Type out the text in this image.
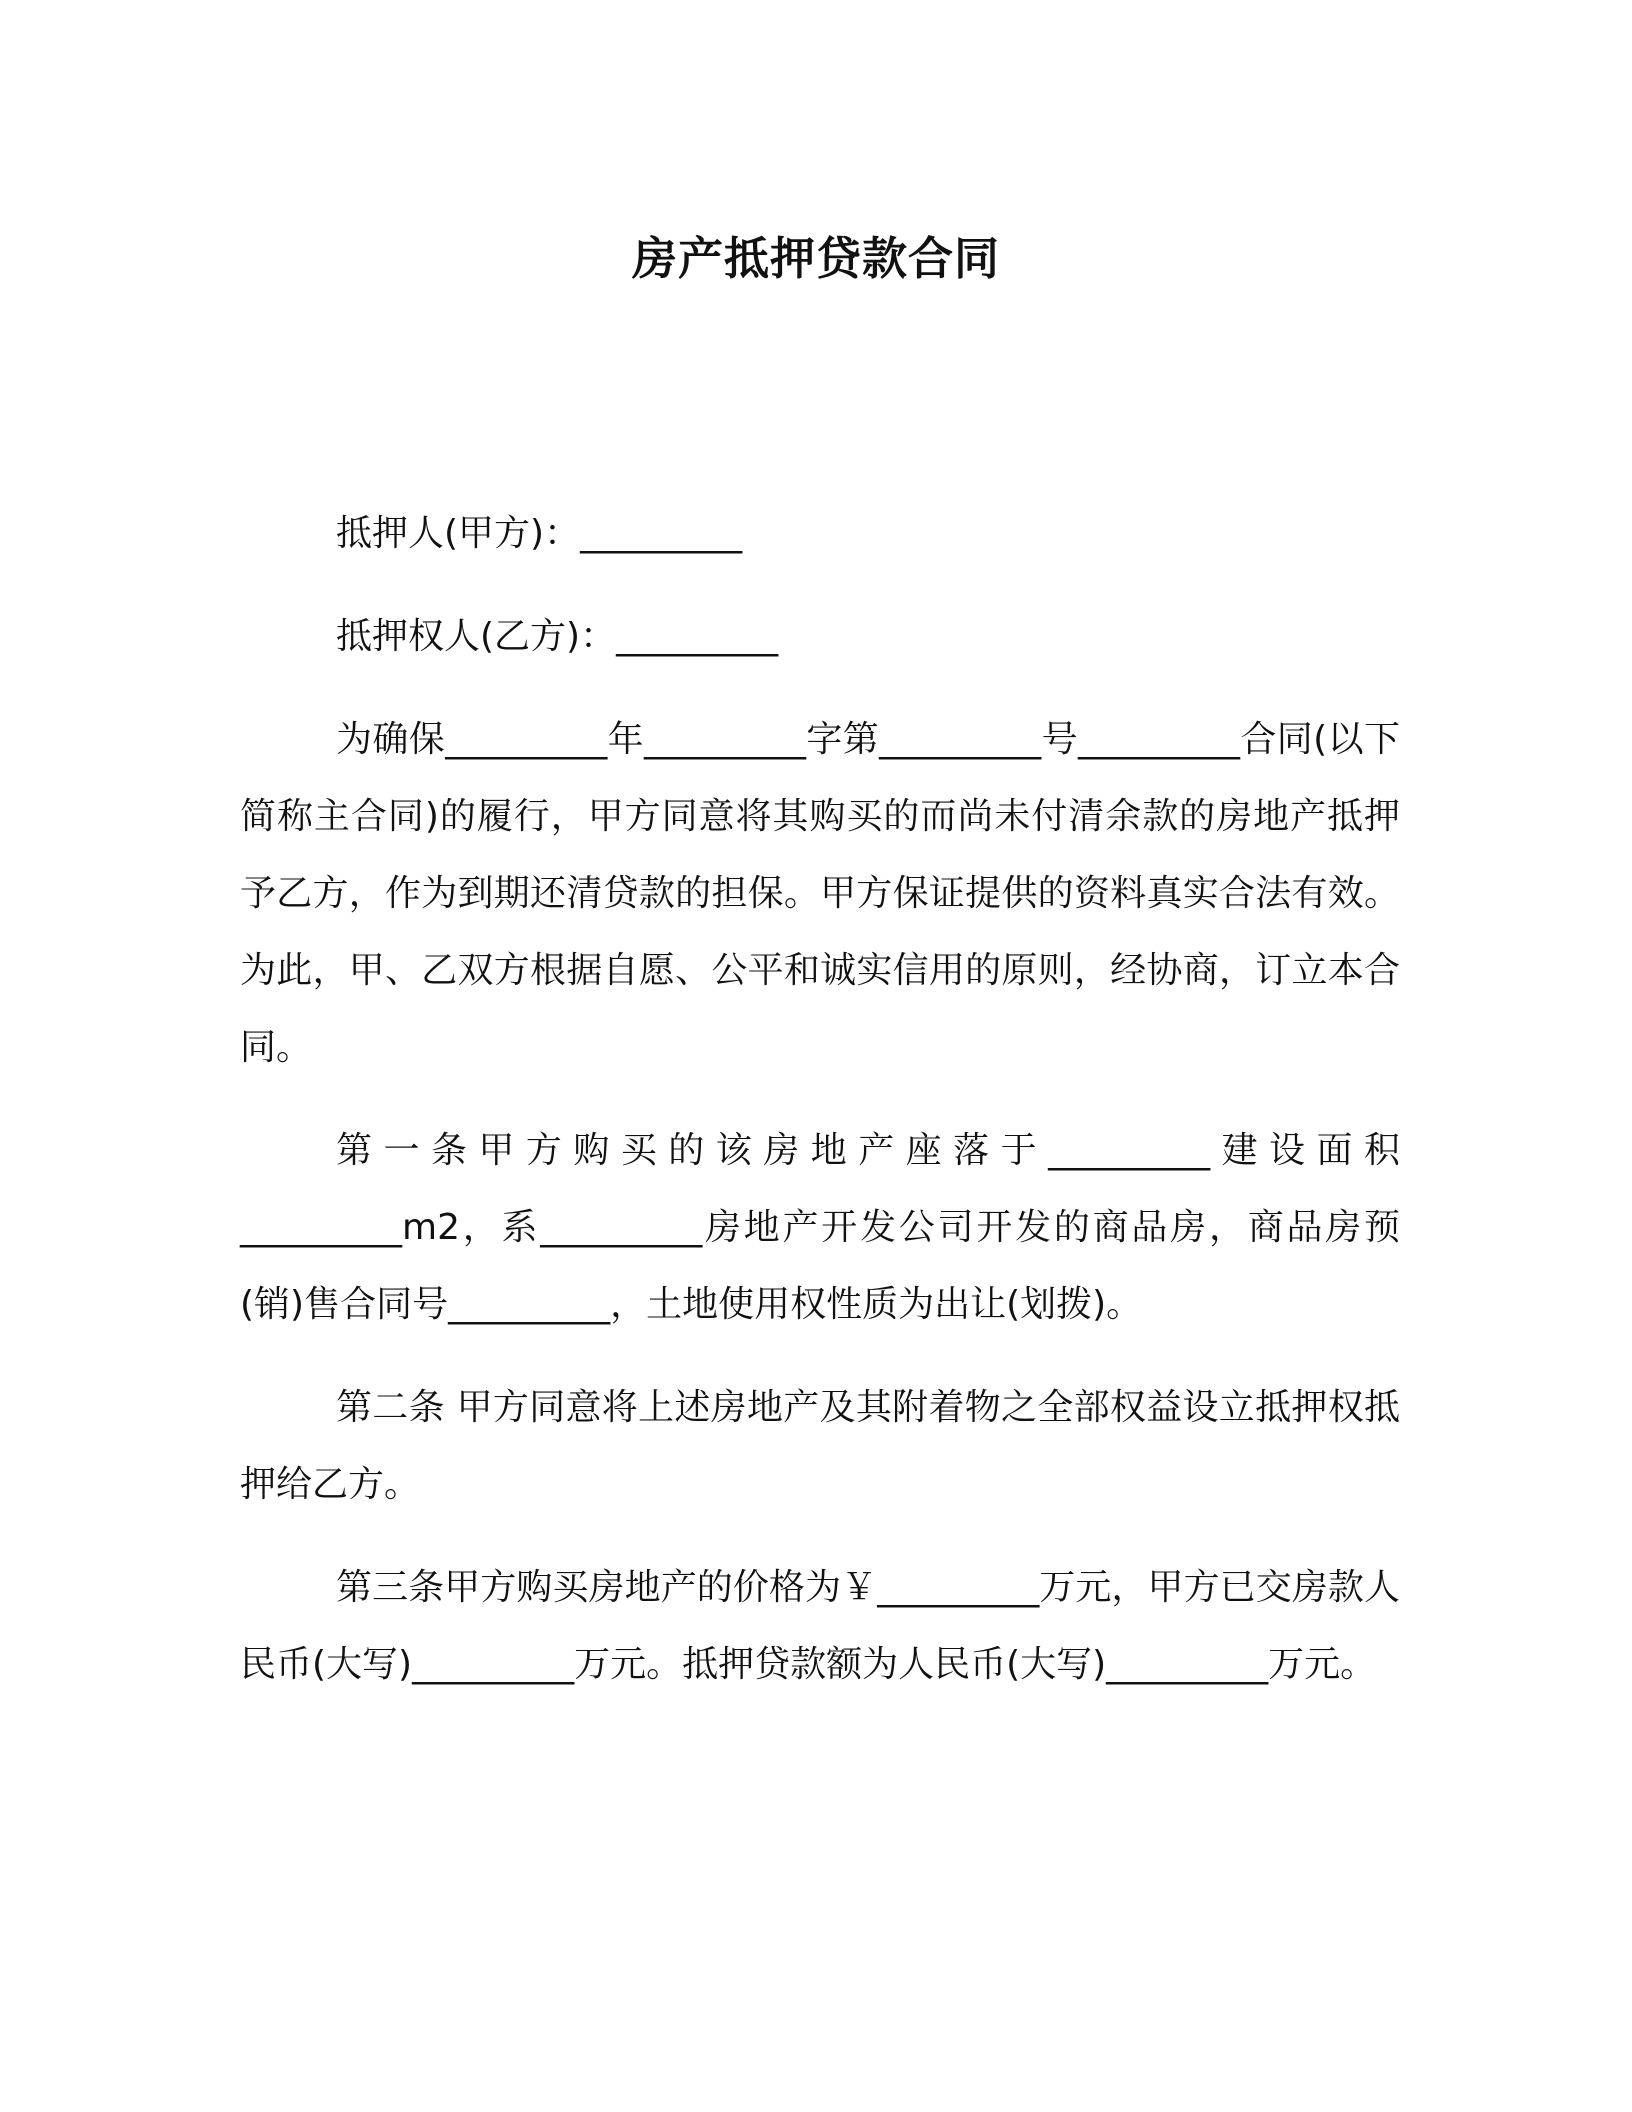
房产抵押贷款合同

抵押人(甲方)：_________

抵押权人(乙方)：_________

为确保_________年_________字第_________号_________合同(以下简称主合同)的履行，甲方同意将其购买的而尚未付清余款的房地产抵押予乙方，作为到期还清贷款的担保。甲方保证提供的资料真实合法有效。为此，甲、乙双方根据自愿、公平和诚实信用的原则，经协商，订立本合同。

第一条甲方购买的该房地产座落于_________建设面积_________m2，系_________房地产开发公司开发的商品房，商品房预(销)售合同号_________，土地使用权性质为出让(划拨)。

第二条 甲方同意将上述房地产及其附着物之全部权益设立抵押权抵押给乙方。

第三条甲方购买房地产的价格为￥_________万元，甲方已交房款人民币(大写)_________万元。抵押贷款额为人民币(大写)_________万元。
